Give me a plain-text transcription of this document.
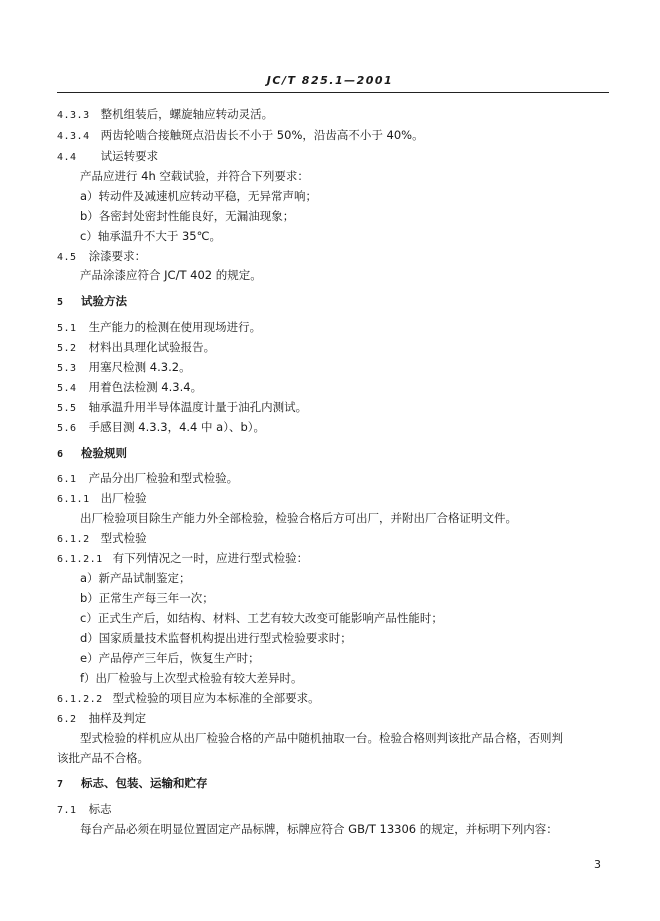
JC/T 825.1—2001
4.3.3 整机组装后，螺旋轴应转动灵活。
4.3.4 两齿轮啮合接触斑点沿齿长不小于 50%，沿齿高不小于 40%。
4.4 试运转要求
产品应进行 4h 空载试验，并符合下列要求：
a）转动件及减速机应转动平稳，无异常声响；
b）各密封处密封性能良好，无漏油现象；
c）轴承温升不大于 35℃。
4.5 涂漆要求：
产品涂漆应符合 JC/T 402 的规定。
5 试验方法
5.1 生产能力的检测在使用现场进行。
5.2 材料出具理化试验报告。
5.3 用塞尺检测 4.3.2。
5.4 用着色法检测 4.3.4。
5.5 轴承温升用半导体温度计量于油孔内测试。
5.6 手感目测 4.3.3，4.4 中 a）、b）。
6 检验规则
6.1 产品分出厂检验和型式检验。
6.1.1 出厂检验
出厂检验项目除生产能力外全部检验，检验合格后方可出厂，并附出厂合格证明文件。
6.1.2 型式检验
6.1.2.1 有下列情况之一时，应进行型式检验：
a）新产品试制鉴定；
b）正常生产每三年一次；
c）正式生产后，如结构、材料、工艺有较大改变可能影响产品性能时；
d）国家质量技术监督机构提出进行型式检验要求时；
e）产品停产三年后，恢复生产时；
f）出厂检验与上次型式检验有较大差异时。
6.1.2.2 型式检验的项目应为本标准的全部要求。
6.2 抽样及判定
型式检验的样机应从出厂检验合格的产品中随机抽取一台。检验合格则判该批产品合格，否则判
该批产品不合格。
7 标志、包装、运输和贮存
7.1 标志
每台产品必须在明显位置固定产品标牌，标牌应符合 GB/T 13306 的规定，并标明下列内容：
3
